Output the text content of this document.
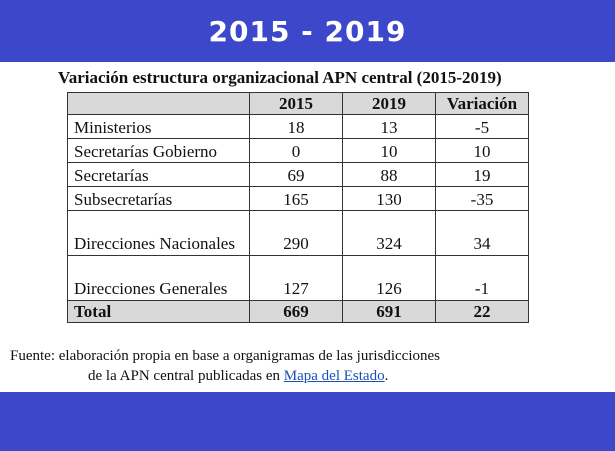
2015 - 2019
Variación estructura organizacional APN central (2015-2019)
	2015	2019	Variación
Ministerios	18	13	-5
Secretarías Gobierno	0	10	10
Secretarías	69	88	19
Subsecretarías	165	130	-35
Direcciones Nacionales	290	324	34
Direcciones Generales	127	126	-1
Total	669	691	22
Fuente: elaboración propia en base a organigramas de las jurisdicciones
de la APN central publicadas en Mapa del Estado.
